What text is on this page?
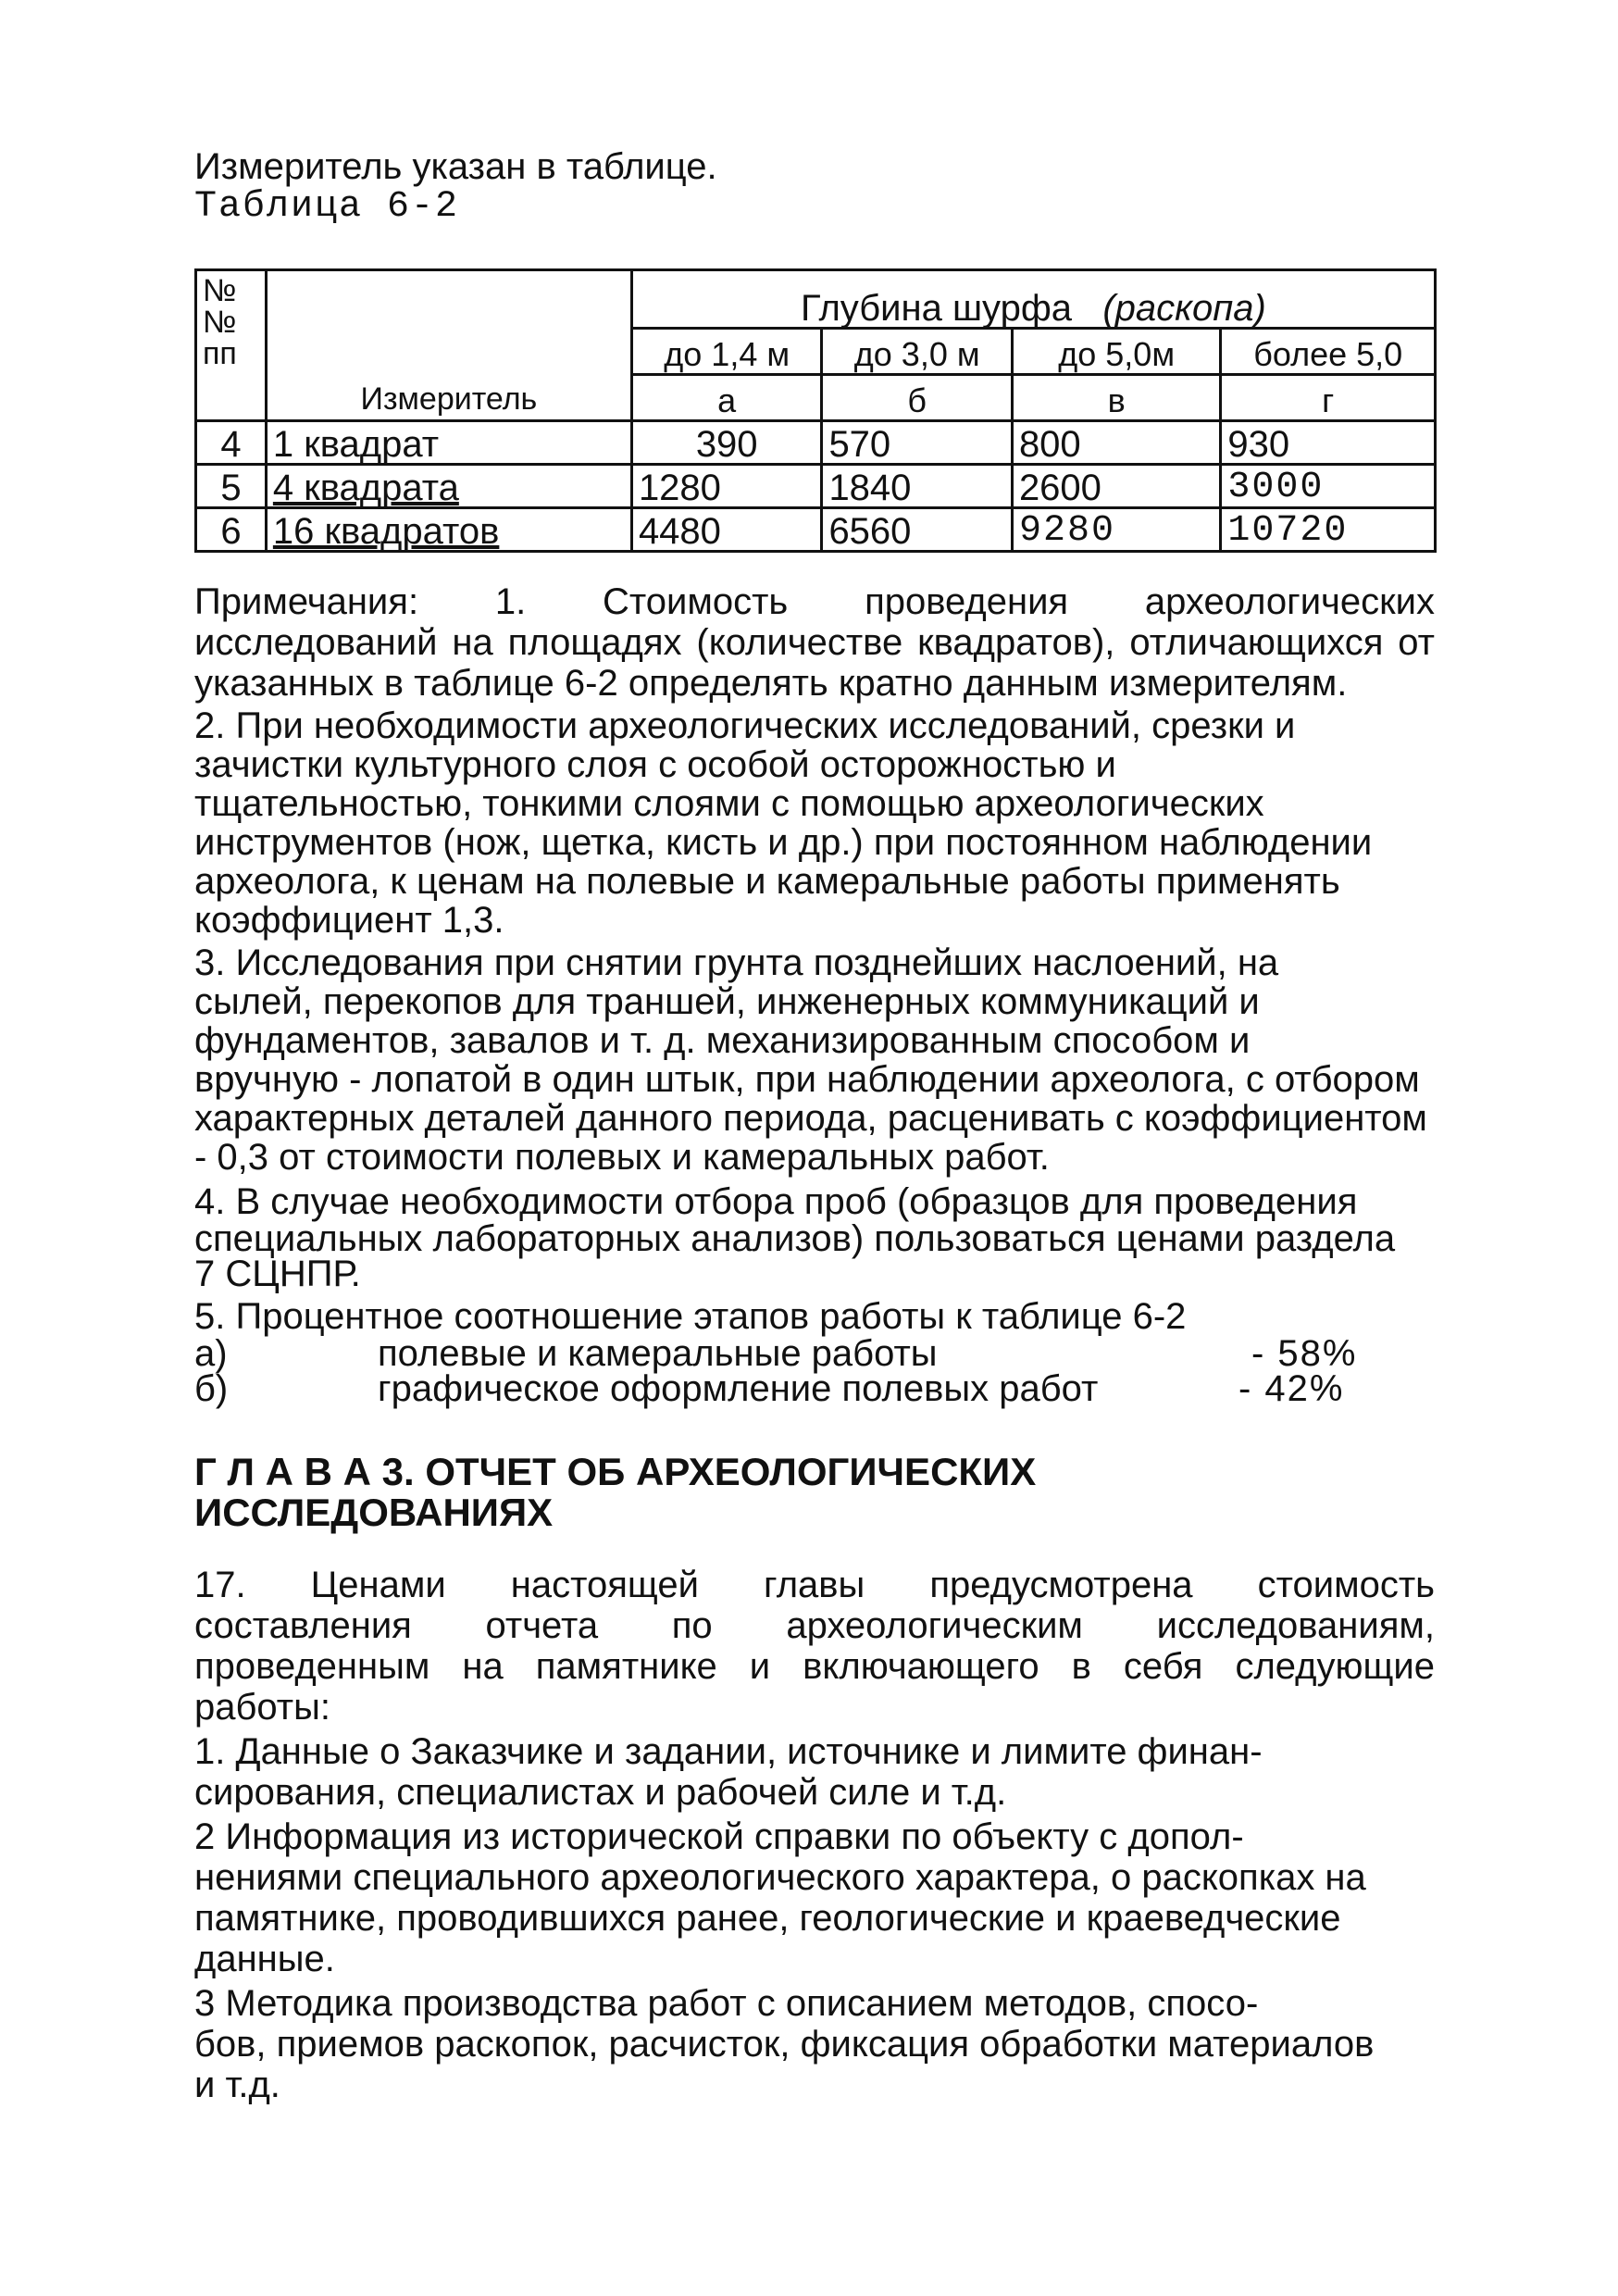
Измеритель указан в таблице.
Таблица 6-2
№
№
пп	Измеритель	Глубина шурфа (раскопа)			
		до 1,4 м	до 3,0 м	до 5,0м	более 5,0
		а	б	в	г
4	1 квадрат	390	570	800	930
5	4 квадрата	1280	1840	2600	3000
6	16 квадратов	4480	6560	9280	10720
Примечания: 1. Стоимость проведения археологических
исследований на площадях (количестве квадратов), отличающихся от
указанных в таблице 6-2 определять кратно данным измерителям.
2. При необходимости археологических исследований, срезки и
зачистки культурного слоя с особой осторожностью и
тщательностью, тонкими слоями с помощью археологических
инструментов (нож, щетка, кисть и др.) при постоянном наблюдении
археолога, к ценам на полевые и камеральные работы применять
коэффициент 1,3.
3. Исследования при снятии грунта позднейших наслоений, на
сылей, перекопов для траншей, инженерных коммуникаций и
фундаментов, завалов и т. д. механизированным способом и
вручную - лопатой в один штык, при наблюдении археолога, с отбором
характерных деталей данного периода, расценивать с коэффициентом
- 0,3 от стоимости полевых и камеральных работ.
4. В случае необходимости отбора проб (образцов для проведения
специальных лабораторных анализов) пользоваться ценами раздела
7 СЦНПР.
5. Процентное соотношение этапов работы к таблице 6-2
а)	полевые и камеральные работы	- 58%
б)	графическое оформление полевых работ	- 42%
Г Л А В А 3. ОТЧЕТ ОБ АРХЕОЛОГИЧЕСКИХ
ИССЛЕДОВАНИЯХ
17. Ценами настоящей главы предусмотрена стоимость
составления отчета по археологическим исследованиям,
проведенным на памятнике и включающего в себя следующие
работы:
1. Данные о Заказчике и задании, источнике и лимите финан-
сирования, специалистах и рабочей силе и т.д.
2 Информация из исторической справки по объекту с допол-
нениями специального археологического характера, о раскопках на
памятнике, проводившихся ранее, геологические и краеведческие
данные.
3 Методика производства работ с описанием методов, спосо-
бов, приемов раскопок, расчисток, фиксация обработки материалов
и т.д.
